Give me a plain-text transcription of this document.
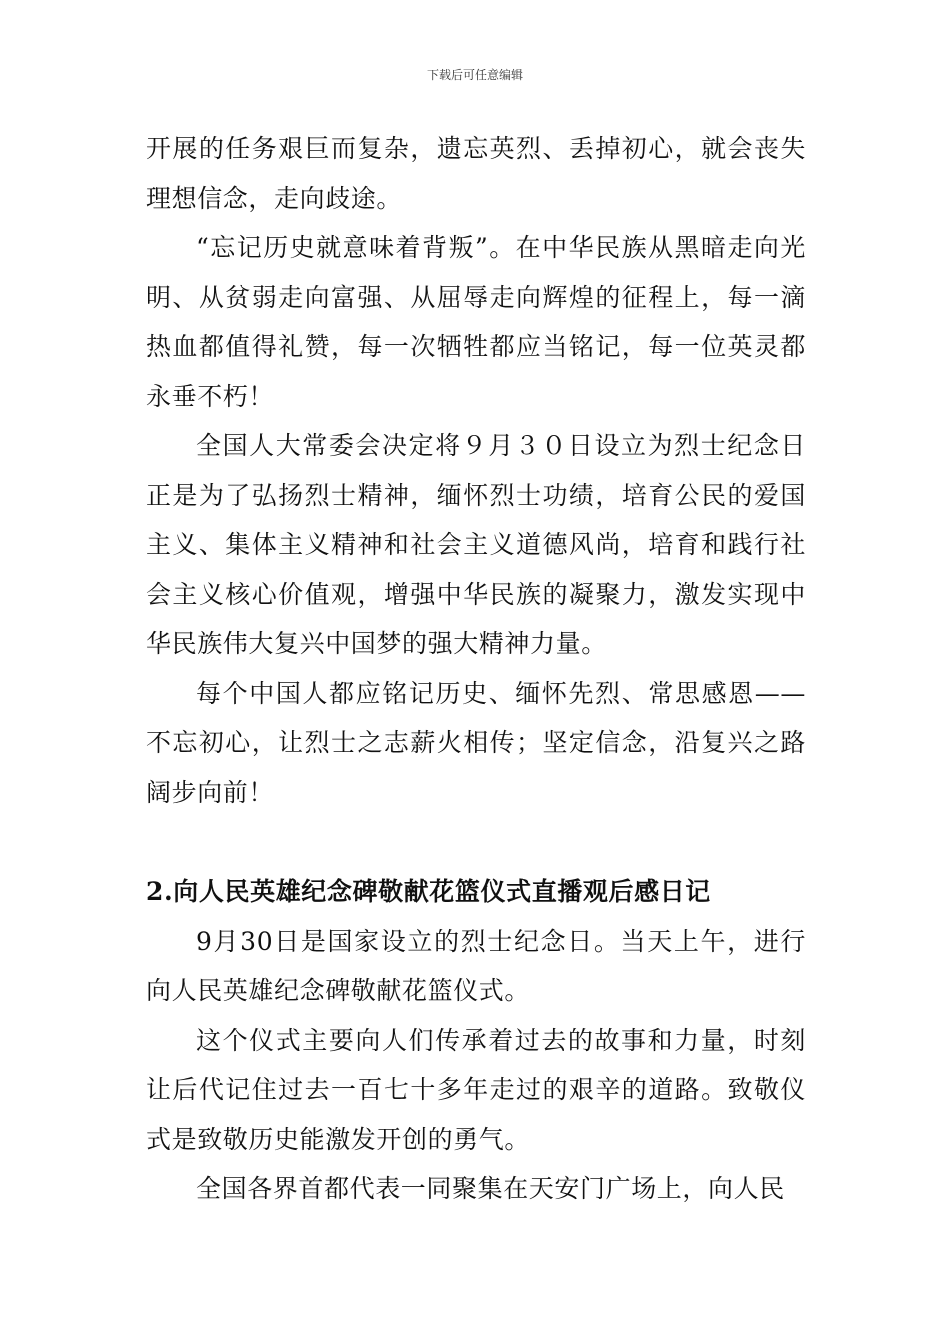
下载后可任意编辑

开展的任务艰巨而复杂，遗忘英烈、丢掉初心，就会丧失理想信念，走向歧途。

“忘记历史就意味着背叛”。在中华民族从黑暗走向光明、从贫弱走向富强、从屈辱走向辉煌的征程上，每一滴热血都值得礼赞，每一次牺牲都应当铭记，每一位英灵都永垂不朽！

全国人大常委会决定将９月３０日设立为烈士纪念日正是为了弘扬烈士精神，缅怀烈士功绩，培育公民的爱国主义、集体主义精神和社会主义道德风尚，培育和践行社会主义核心价值观，增强中华民族的凝聚力，激发实现中华民族伟大复兴中国梦的强大精神力量。

每个中国人都应铭记历史、缅怀先烈、常思感恩——不忘初心，让烈士之志薪火相传；坚定信念，沿复兴之路阔步向前！

2.向人民英雄纪念碑敬献花篮仪式直播观后感日记

9月30日是国家设立的烈士纪念日。当天上午，进行向人民英雄纪念碑敬献花篮仪式。

这个仪式主要向人们传承着过去的故事和力量，时刻让后代记住过去一百七十多年走过的艰辛的道路。致敬仪式是致敬历史能激发开创的勇气。

全国各界首都代表一同聚集在天安门广场上，向人民
